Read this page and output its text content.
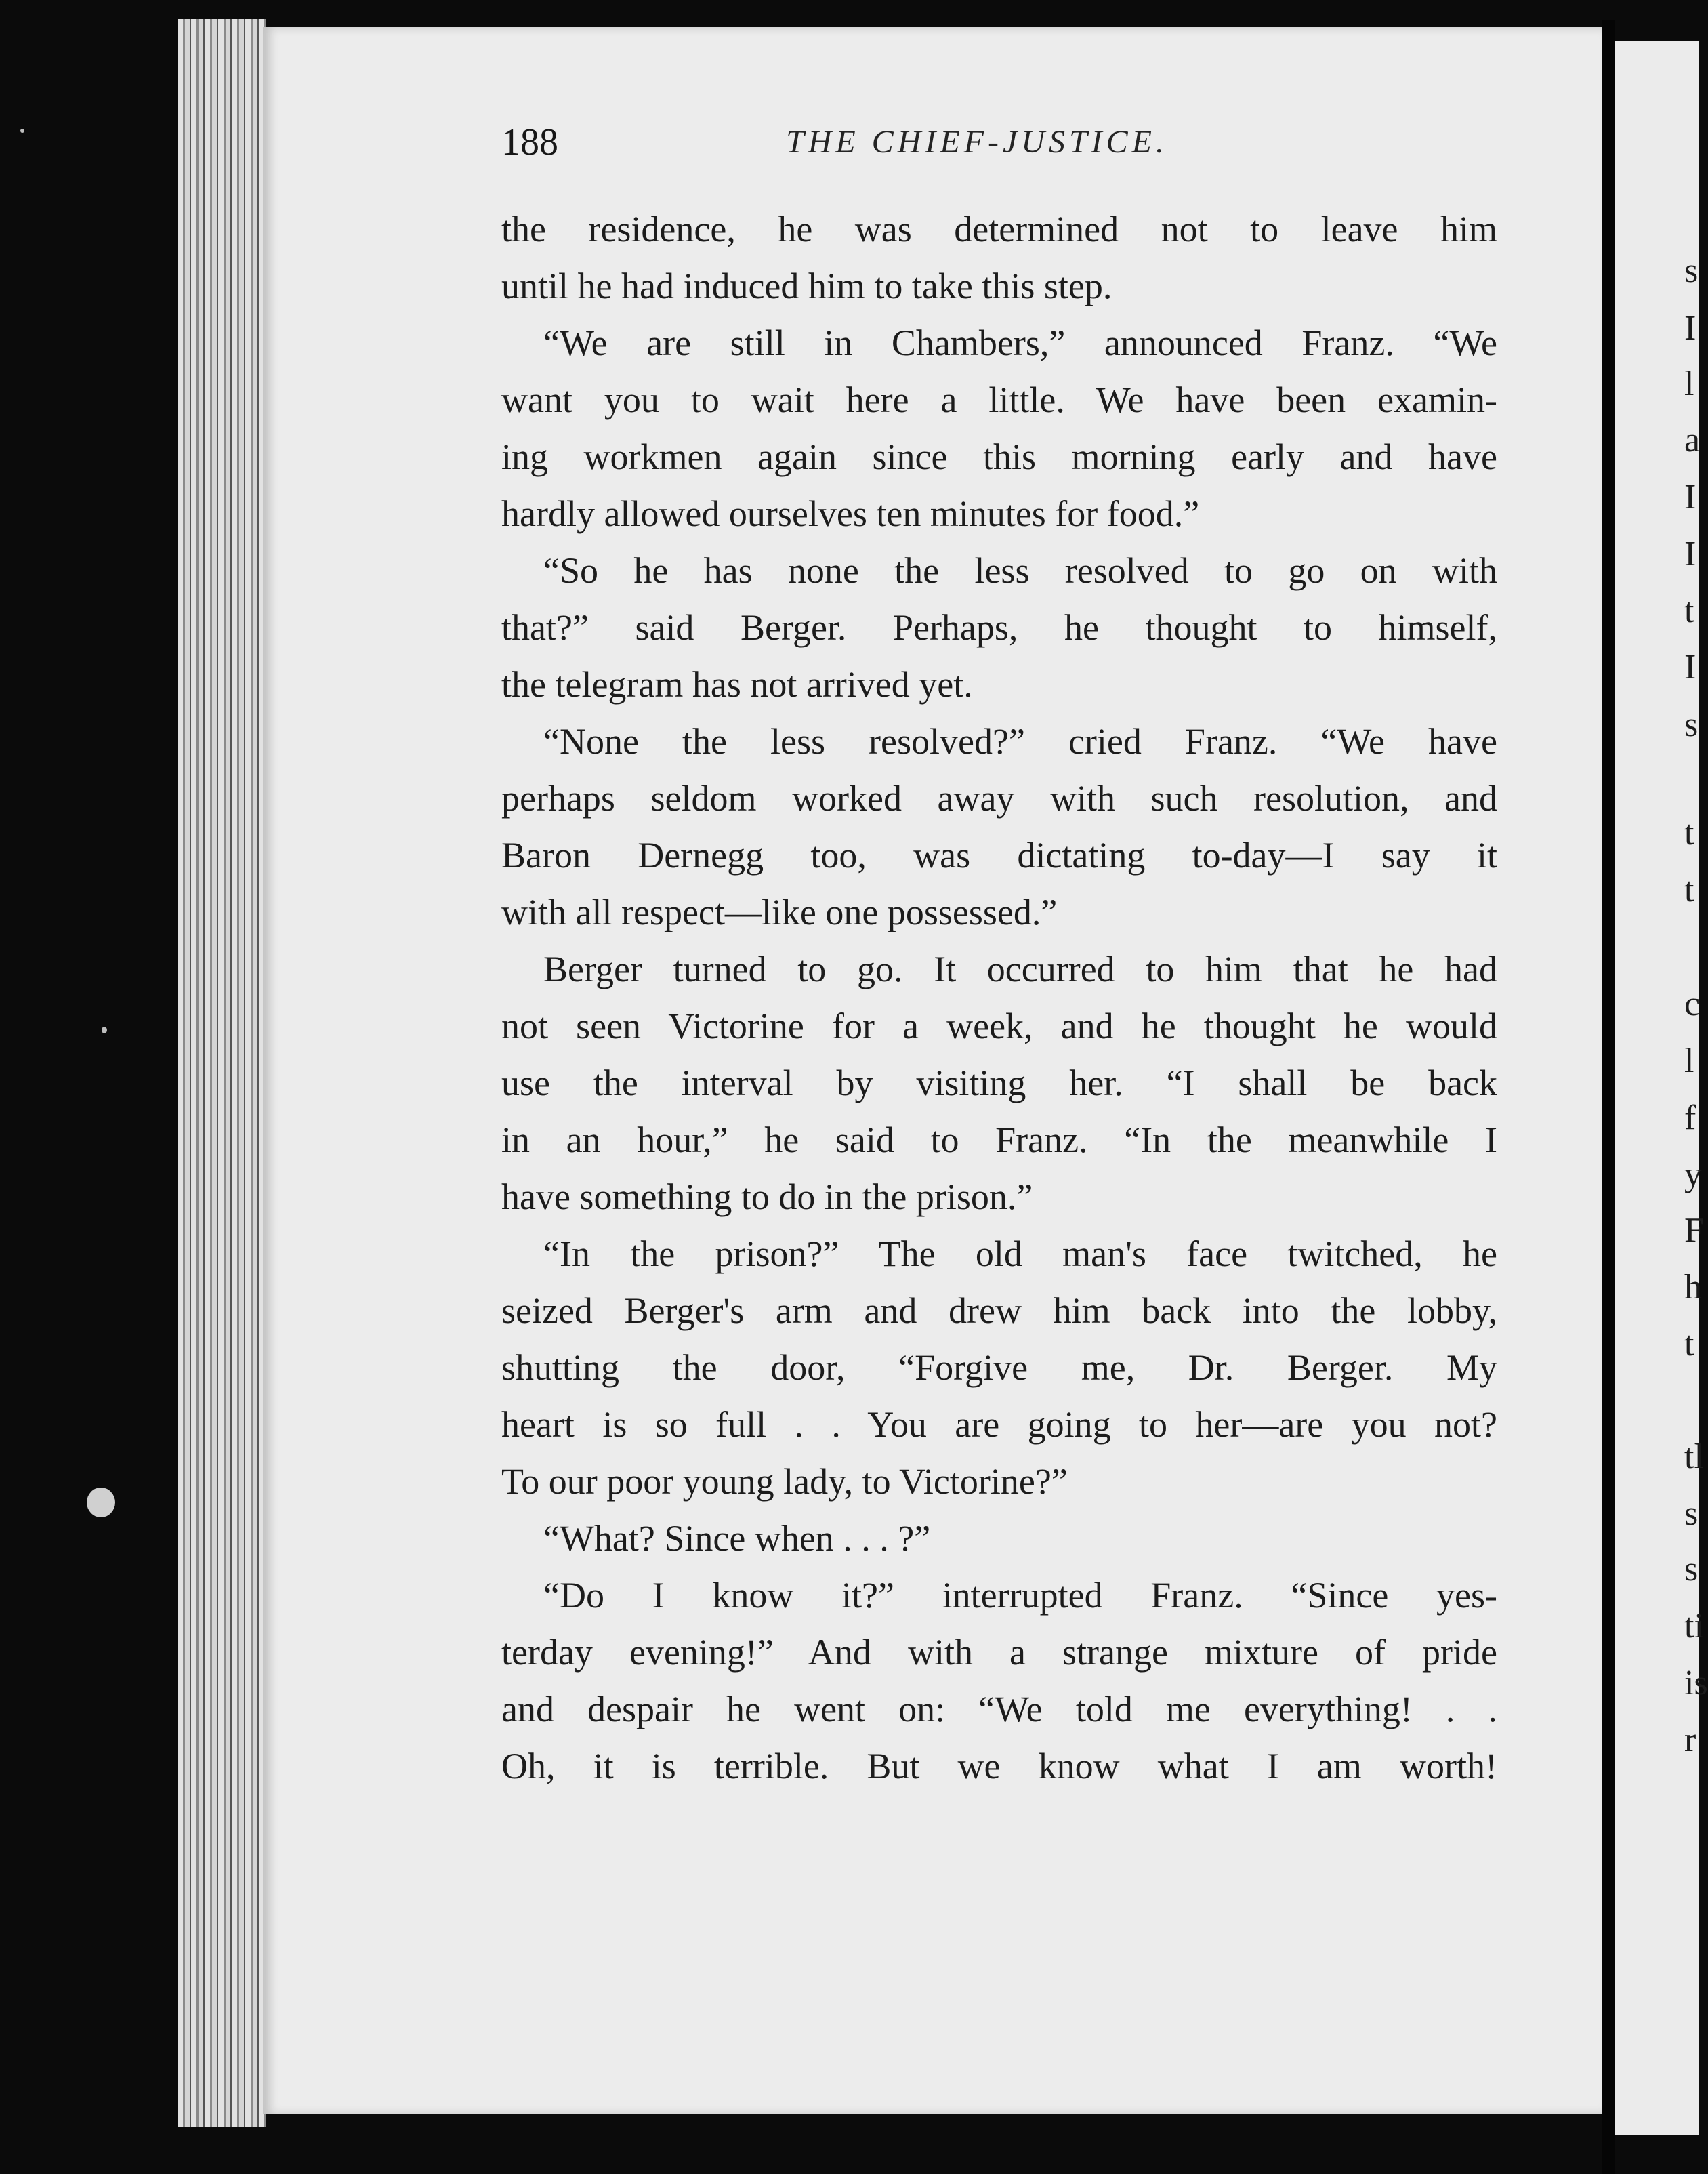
188	THE CHIEF-JUSTICE.
the residence, he was determined not to leave him
until he had induced him to take this step.
“We are still in Chambers,” announced Franz. “We
want you to wait here a little. We have been examin-
ing workmen again since this morning early and have
hardly allowed ourselves ten minutes for food.”
“So he has none the less resolved to go on with
that?” said Berger. Perhaps, he thought to himself,
the telegram has not arrived yet.
“None the less resolved?” cried Franz. “We have
perhaps seldom worked away with such resolution, and
Baron Dernegg too, was dictating to-day—I say it
with all respect—like one possessed.”
Berger turned to go. It occurred to him that he had
not seen Victorine for a week, and he thought he would
use the interval by visiting her. “I shall be back
in an hour,” he said to Franz. “In the meanwhile I
have something to do in the prison.”
“In the prison?” The old man's face twitched, he
seized Berger's arm and drew him back into the lobby,
shutting the door, “Forgive me, Dr. Berger. My
heart is so full . . You are going to her—are you not?
To our poor young lady, to Victorine?”
“What? Since when . . . ?”
“Do I know it?” interrupted Franz. “Since yes-
terday evening!” And with a strange mixture of pride
and despair he went on: “We told me everything! . .
Oh, it is terrible. But we know what I am worth!
s
I
l
a
I
I
t
I
s
t
t
c
l
f
y
F
h
t
tl
s
s
ti
is
r
